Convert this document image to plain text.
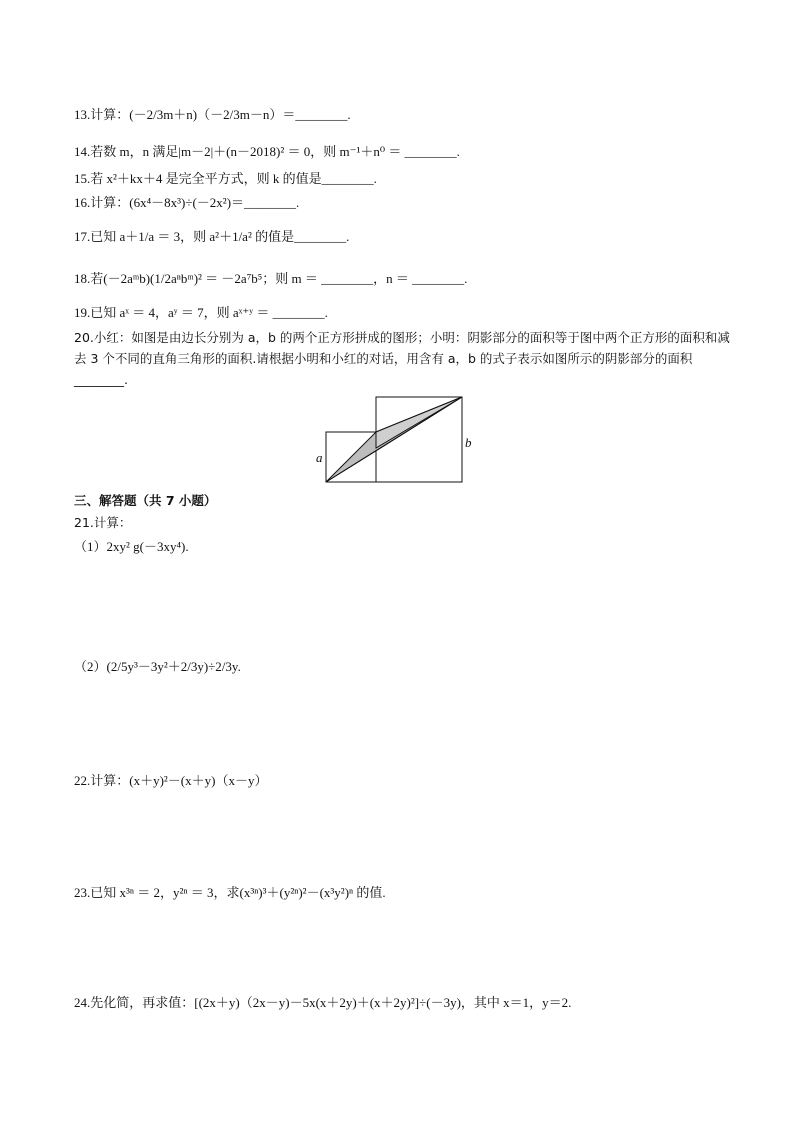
13.计算：(－2/3m＋n)（－2/3m－n）＝________.
14.若数 m，n 满足|m－2|＋(n－2018)² ＝ 0，则 m⁻¹＋n⁰ ＝ ________.
15.若 x²＋kx＋4 是完全平方式，则 k 的值是________.
16.计算：(6x⁴－8x³)÷(－2x²)＝________.
17.已知 a＋1/a ＝ 3，则 a²＋1/a² 的值是________.
18.若(－2aᵐb)(1/2aⁿbᵐ)² ＝ －2a⁷b⁵；则 m ＝ ________，n ＝ ________.
19.已知 aˣ ＝ 4，aʸ ＝ 7，则 aˣ⁺ʸ ＝ ________.
20.小红：如图是由边长分别为 a，b 的两个正方形拼成的图形；小明：阴影部分的面积等于图中两个正方形的面积和减去 3 个不同的直角三角形的面积.请根据小明和小红的对话，用含有 a，b 的式子表示如图所示的阴影部分的面积________.
a
b
三、解答题（共 7 小题）
21.计算：
（1）2xy² g(－3xy⁴).
（2）(2/5y³－3y²＋2/3y)÷2/3y.
22.计算：(x＋y)²－(x＋y)（x－y）
23.已知 x³ⁿ ＝ 2，y²ⁿ ＝ 3，求(x³ⁿ)³＋(y²ⁿ)²－(x³y²)ⁿ 的值.
24.先化简，再求值：[(2x＋y)（2x－y)－5x(x＋2y)＋(x＋2y)²]÷(－3y)，其中 x＝1，y＝2.
